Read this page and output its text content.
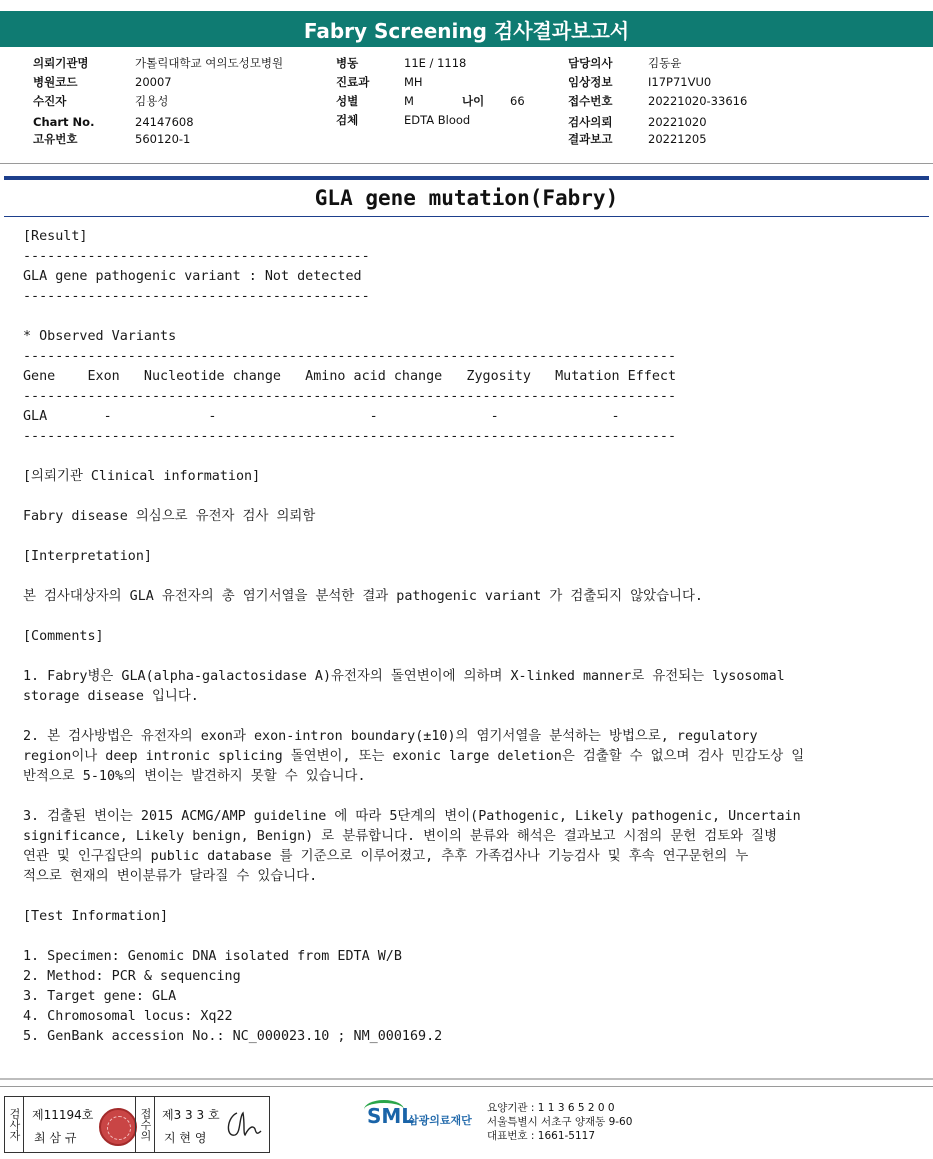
Fabry Screening 검사결과보고서
의뢰기관명	가톨릭대학교 여의도성모병원
병원코드	20007
수진자	김용성
Chart No.	24147608
고유번호	560120-1
병동	11E / 1118
진료과	MH
성별	M	나이 66
검체	EDTA Blood
담당의사	김동윤
임상정보	I17P71VU0
접수번호	20221020-33616
검사의뢰	20221020
결과보고	20221205
GLA gene mutation(Fabry)
[Result]
-------------------------------------------
GLA gene pathogenic variant : Not detected
-------------------------------------------
* Observed Variants
---------------------------------------------------------------------------------
Gene    Exon   Nucleotide change   Amino acid change   Zygosity   Mutation Effect
---------------------------------------------------------------------------------
GLA       -            -                   -              -              -
---------------------------------------------------------------------------------
[의뢰기관 Clinical information]
Fabry disease 의심으로 유전자 검사 의뢰함
[Interpretation]
본 검사대상자의 GLA 유전자의 총 염기서열을 분석한 결과 pathogenic variant 가 검출되지 않았습니다.
[Comments]
1. Fabry병은 GLA(alpha-galactosidase A)유전자의 돌연변이에 의하며 X-linked manner로 유전되는 lysosomal
storage disease 입니다.
2. 본 검사방법은 유전자의 exon과 exon-intron boundary(±10)의 염기서열을 분석하는 방법으로, regulatory
region이나 deep intronic splicing 돌연변이, 또는 exonic large deletion은 검출할 수 없으며 검사 민감도상 일
반적으로 5-10%의 변이는 발견하지 못할 수 있습니다.
3. 검출된 변이는 2015 ACMG/AMP guideline 에 따라 5단계의 변이(Pathogenic, Likely pathogenic, Uncertain
significance, Likely benign, Benign) 로 분류합니다. 변이의 분류와 해석은 결과보고 시점의 문헌 검토와 질병
연관 및 인구집단의 public database 를 기준으로 이루어졌고, 추후 가족검사나 기능검사 및 후속 연구문헌의 누
적으로 현재의 변이분류가 달라질 수 있습니다.
[Test Information]
1. Specimen: Genomic DNA isolated from EDTA W/B
2. Method: PCR & sequencing
3. Target gene: GLA
4. Chromosomal locus: Xq22
5. GenBank accession No.: NC_000023.10 ; NM_000169.2
검사자 제11194호
최 삼 규	접수의 제3 3 3 호
지 현 영
SML
삼광의료재단
요양기관 : 1 1 3 6 5 2 0 0
서울특별시 서초구 양재동 9-60
대표번호 : 1661-5117
